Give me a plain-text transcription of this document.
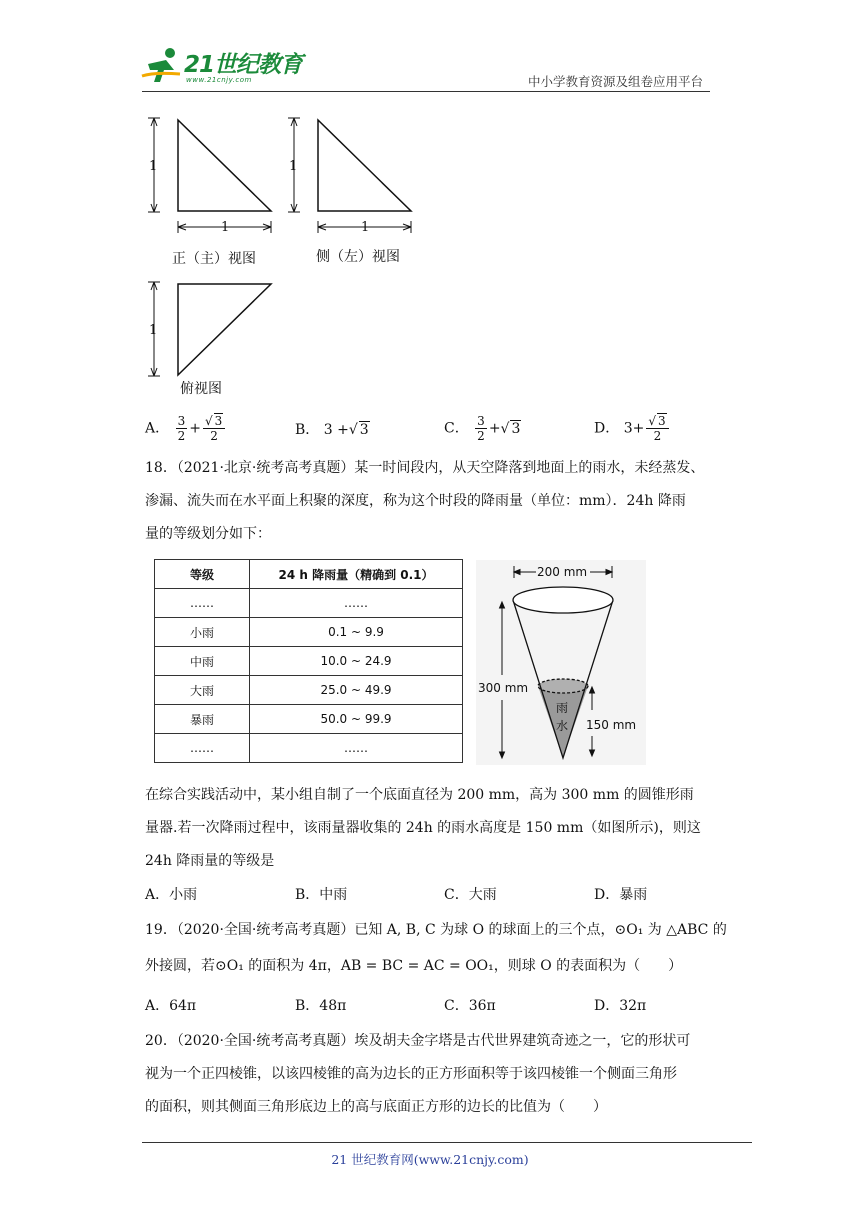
21世纪教育
www.21cnjy.com	中小学教育资源及组卷应用平台
1
1
1
1
1
正（主）视图	侧（左）视图
俯视图
A． $\frac{3}{2}$ + √ $\frac{3}{2}$	B． 3 + √ 3	C． $\frac{3}{2}$ + √ 3	D． 3+ √ $\frac{3}{2}$
18．（2021·北京·统考高考真题）某一时间段内，从天空降落到地面上的雨水，未经蒸发、
渗漏、流失而在水平面上积聚的深度，称为这个时段的降雨量（单位：mm）．24h 降雨
量的等级划分如下：
等级	24 h 降雨量（精确到 0.1）
……	……
小雨	0.1 ~ 9.9
中雨	10.0 ~ 24.9
大雨	25.0 ~ 49.9
暴雨	50.0 ~ 99.9
……	……
200 mm
300 mm
150 mm
雨
水
在综合实践活动中，某小组自制了一个底面直径为 200 mm，高为 300 mm 的圆锥形雨
量器.若一次降雨过程中，该雨量器收集的 24h 的雨水高度是 150 mm（如图所示)，则这
24h 降雨量的等级是
A．小雨	B．中雨	C．大雨	D．暴雨
19．（2020·全国·统考高考真题）已知 A, B, C 为球 O 的球面上的三个点，⊙O₁ 为 △ABC 的
外接圆，若⊙O₁ 的面积为 4π，AB = BC = AC = OO₁，则球 O 的表面积为（　　）
A．64π	B．48π	C．36π	D．32π
20．（2020·全国·统考高考真题）埃及胡夫金字塔是古代世界建筑奇迹之一，它的形状可
视为一个正四棱锥，以该四棱锥的高为边长的正方形面积等于该四棱锥一个侧面三角形
的面积，则其侧面三角形底边上的高与底面正方形的边长的比值为（　　）
21 世纪教育网(www.21cnjy.com)
